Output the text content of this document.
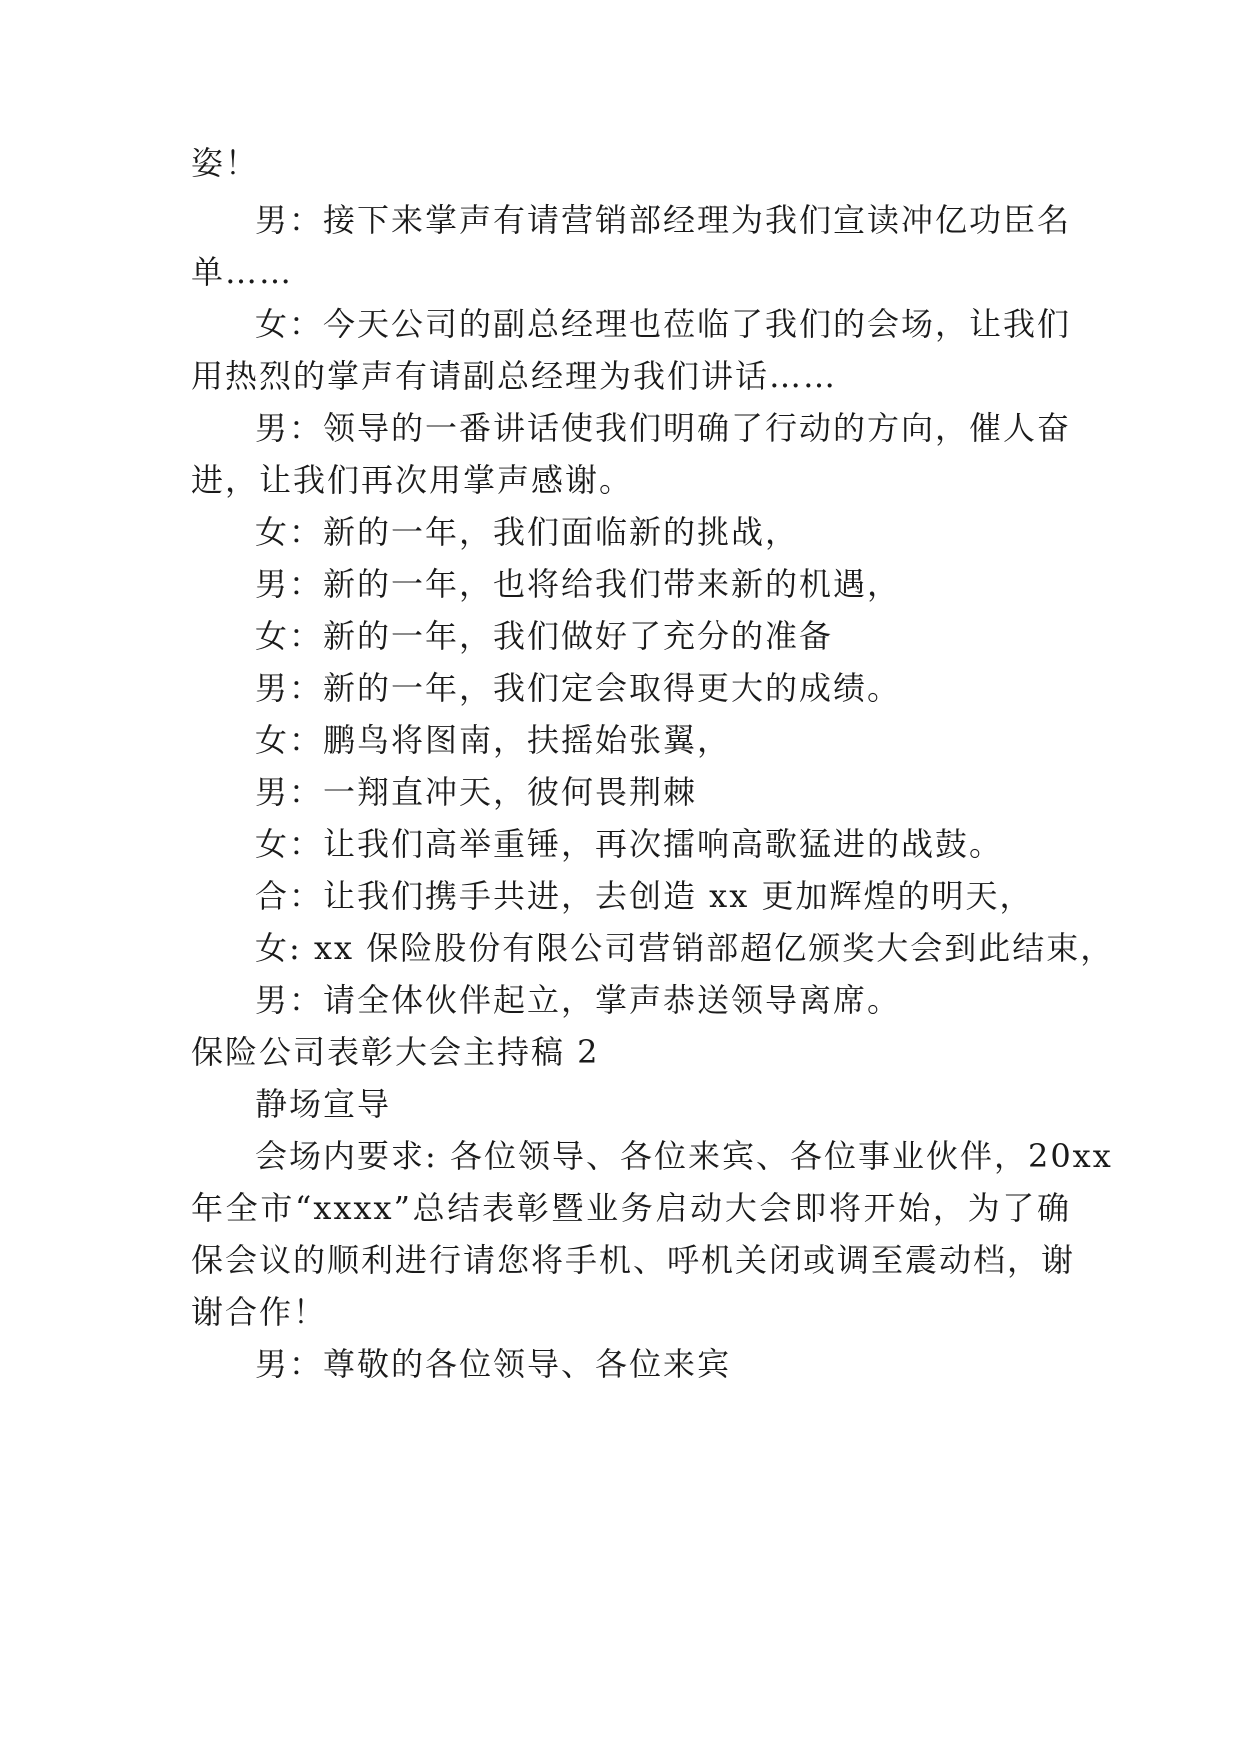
姿！
男：接下来掌声有请营销部经理为我们宣读冲亿功臣名
单……
女：今天公司的副总经理也莅临了我们的会场，让我们
用热烈的掌声有请副总经理为我们讲话……
男：领导的一番讲话使我们明确了行动的方向，催人奋
进，让我们再次用掌声感谢。
女：新的一年，我们面临新的挑战，
男：新的一年，也将给我们带来新的机遇，
女：新的一年，我们做好了充分的准备
男：新的一年，我们定会取得更大的成绩。
女：鹏鸟将图南，扶摇始张翼，
男：一翔直冲天，彼何畏荆棘
女：让我们高举重锤，再次擂响高歌猛进的战鼓。
合：让我们携手共进，去创造 xx 更加辉煌的明天，
女: xx 保险股份有限公司营销部超亿颁奖大会到此结束，
男：请全体伙伴起立，掌声恭送领导离席。
保险公司表彰大会主持稿 2
静场宣导
会场内要求: 各位领导、各位来宾、各位事业伙伴，20xx
年全市“xxxx”总结表彰暨业务启动大会即将开始，为了确
保会议的顺利进行请您将手机、呼机关闭或调至震动档，谢
谢合作！
男：尊敬的各位领导、各位来宾
